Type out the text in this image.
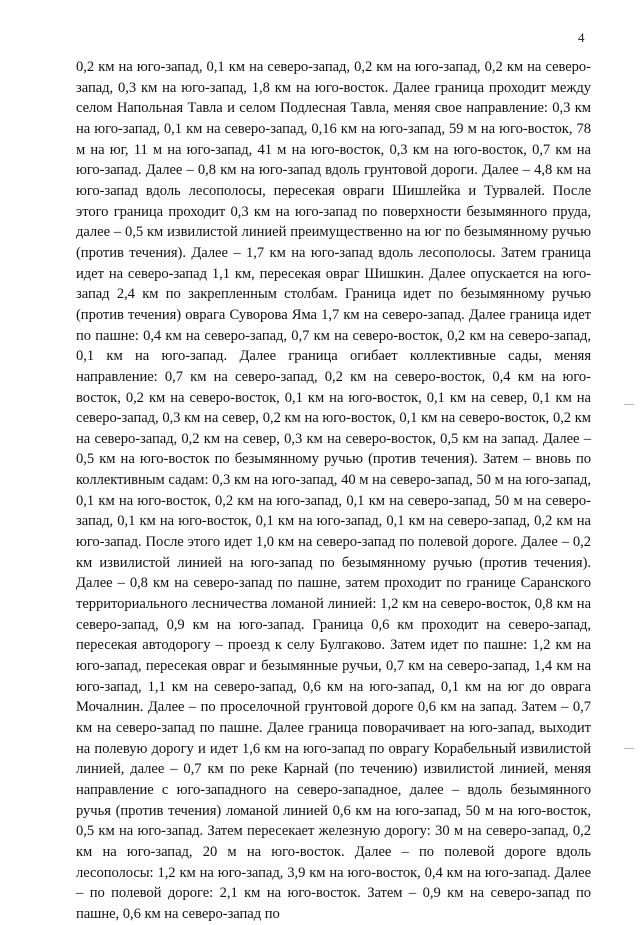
4

0,2 км на юго-запад, 0,1 км на северо-запад, 0,2 км на юго-запад, 0,2 км на северо-запад, 0,3 км на юго-запад, 1,8 км на юго-восток. Далее граница проходит между селом Напольная Тавла и селом Подлесная Тавла, меняя свое направление: 0,3 км на юго-запад, 0,1 км на северо-запад, 0,16 км на юго-запад, 59 м на юго-восток, 78 м на юг, 11 м на юго-запад, 41 м на юго-восток, 0,3 км на юго-восток, 0,7 км на юго-запад. Далее – 0,8 км на юго-запад вдоль грунтовой дороги. Далее – 4,8 км на юго-запад вдоль лесополосы, пересекая овраги Шишлейка и Турвалей. После этого граница проходит 0,3 км на юго-запад по поверхности безымянного пруда, далее – 0,5 км извилистой линией преимущественно на юг по безымянному ручью (против течения). Далее – 1,7 км на юго-запад вдоль лесополосы. Затем граница идет на северо-запад 1,1 км, пересекая овраг Шишкин. Далее опускается на юго-запад 2,4 км по закрепленным столбам. Граница идет по безымянному ручью (против течения) оврага Суворова Яма 1,7 км на северо-запад. Далее граница идет по пашне: 0,4 км на северо-запад, 0,7 км на северо-восток, 0,2 км на северо-запад, 0,1 км на юго-запад. Далее граница огибает коллективные сады, меняя направление: 0,7 км на северо-запад, 0,2 км на северо-восток, 0,4 км на юго-восток, 0,2 км на северо-восток, 0,1 км на юго-восток, 0,1 км на север, 0,1 км на северо-запад, 0,3 км на север, 0,2 км на юго-восток, 0,1 км на северо-восток, 0,2 км на северо-запад, 0,2 км на север, 0,3 км на северо-восток, 0,5 км на запад. Далее – 0,5 км на юго-восток по безымянному ручью (против течения). Затем – вновь по коллективным садам: 0,3 км на юго-запад, 40 м на северо-запад, 50 м на юго-запад, 0,1 км на юго-восток, 0,2 км на юго-запад, 0,1 км на северо-запад, 50 м на северо-запад, 0,1 км на юго-восток, 0,1 км на юго-запад, 0,1 км на северо-запад, 0,2 км на юго-запад. После этого идет 1,0 км на северо-запад по полевой дороге. Далее – 0,2 км извилистой линией на юго-запад по безымянному ручью (против течения). Далее – 0,8 км на северо-запад по пашне, затем проходит по границе Саранского территориального лесничества ломаной линией: 1,2 км на северо-восток, 0,8 км на северо-запад, 0,9 км на юго-запад. Граница 0,6 км проходит на северо-запад, пересекая автодорогу – проезд к селу Булгаково. Затем идет по пашне: 1,2 км на юго-запад, пересекая овраг и безымянные ручьи, 0,7 км на северо-запад, 1,4 км на юго-запад, 1,1 км на северо-запад, 0,6 км на юго-запад, 0,1 км на юг до оврага Мочалнин. Далее – по проселочной грунтовой дороге 0,6 км на запад. Затем – 0,7 км на северо-запад по пашне. Далее граница поворачивает на юго-запад, выходит на полевую дорогу и идет 1,6 км на юго-запад по оврагу Корабельный извилистой линией, далее – 0,7 км по реке Карнай (по течению) извилистой линией, меняя направление с юго-западного на северо-западное, далее – вдоль безымянного ручья (против течения) ломаной линией 0,6 км на юго-запад, 50 м на юго-восток, 0,5 км на юго-запад. Затем пересекает железную дорогу: 30 м на северо-запад, 0,2 км на юго-запад, 20 м на юго-восток. Далее – по полевой дороге вдоль лесополосы: 1,2 км на юго-запад, 3,9 км на юго-восток, 0,4 км на юго-запад. Далее – по полевой дороге: 2,1 км на юго-восток. Затем – 0,9 км на северо-запад по пашне, 0,6 км на северо-запад по
